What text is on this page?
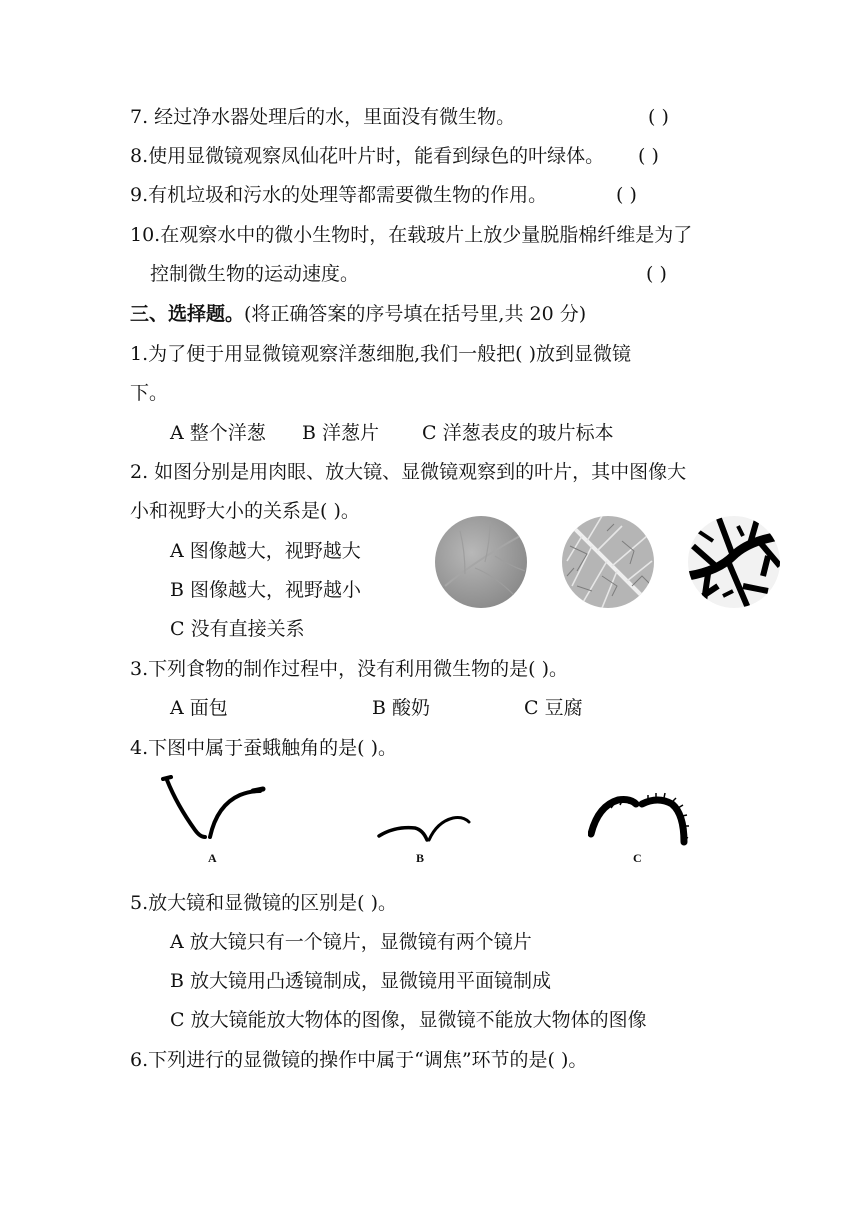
7. 经过净水器处理后的水，里面没有微生物。	( )
8.使用显微镜观察凤仙花叶片时，能看到绿色的叶绿体。 ( )
9.有机垃圾和污水的处理等都需要微生物的作用。	( )
10.在观察水中的微小生物时，在载玻片上放少量脱脂棉纤维是为了
控制微生物的运动速度。	( )
三、选择题。(将正确答案的序号填在括号里,共 20 分)
1.为了便于用显微镜观察洋葱细胞,我们一般把( )放到显微镜
下。
A 整个洋葱 B 洋葱片 C 洋葱表皮的玻片标本
2. 如图分别是用肉眼、放大镜、显微镜观察到的叶片，其中图像大
小和视野大小的关系是( )。
A 图像越大，视野越大
B 图像越大，视野越小
C 没有直接关系
3.下列食物的制作过程中，没有利用微生物的是( )。
A 面包	B 酸奶	C 豆腐
4.下图中属于蚕蛾触角的是( )。
A	B	C
5.放大镜和显微镜的区别是( )。
A 放大镜只有一个镜片，显微镜有两个镜片
B 放大镜用凸透镜制成，显微镜用平面镜制成
C 放大镜能放大物体的图像，显微镜不能放大物体的图像
6.下列进行的显微镜的操作中属于“调焦”环节的是( )。
